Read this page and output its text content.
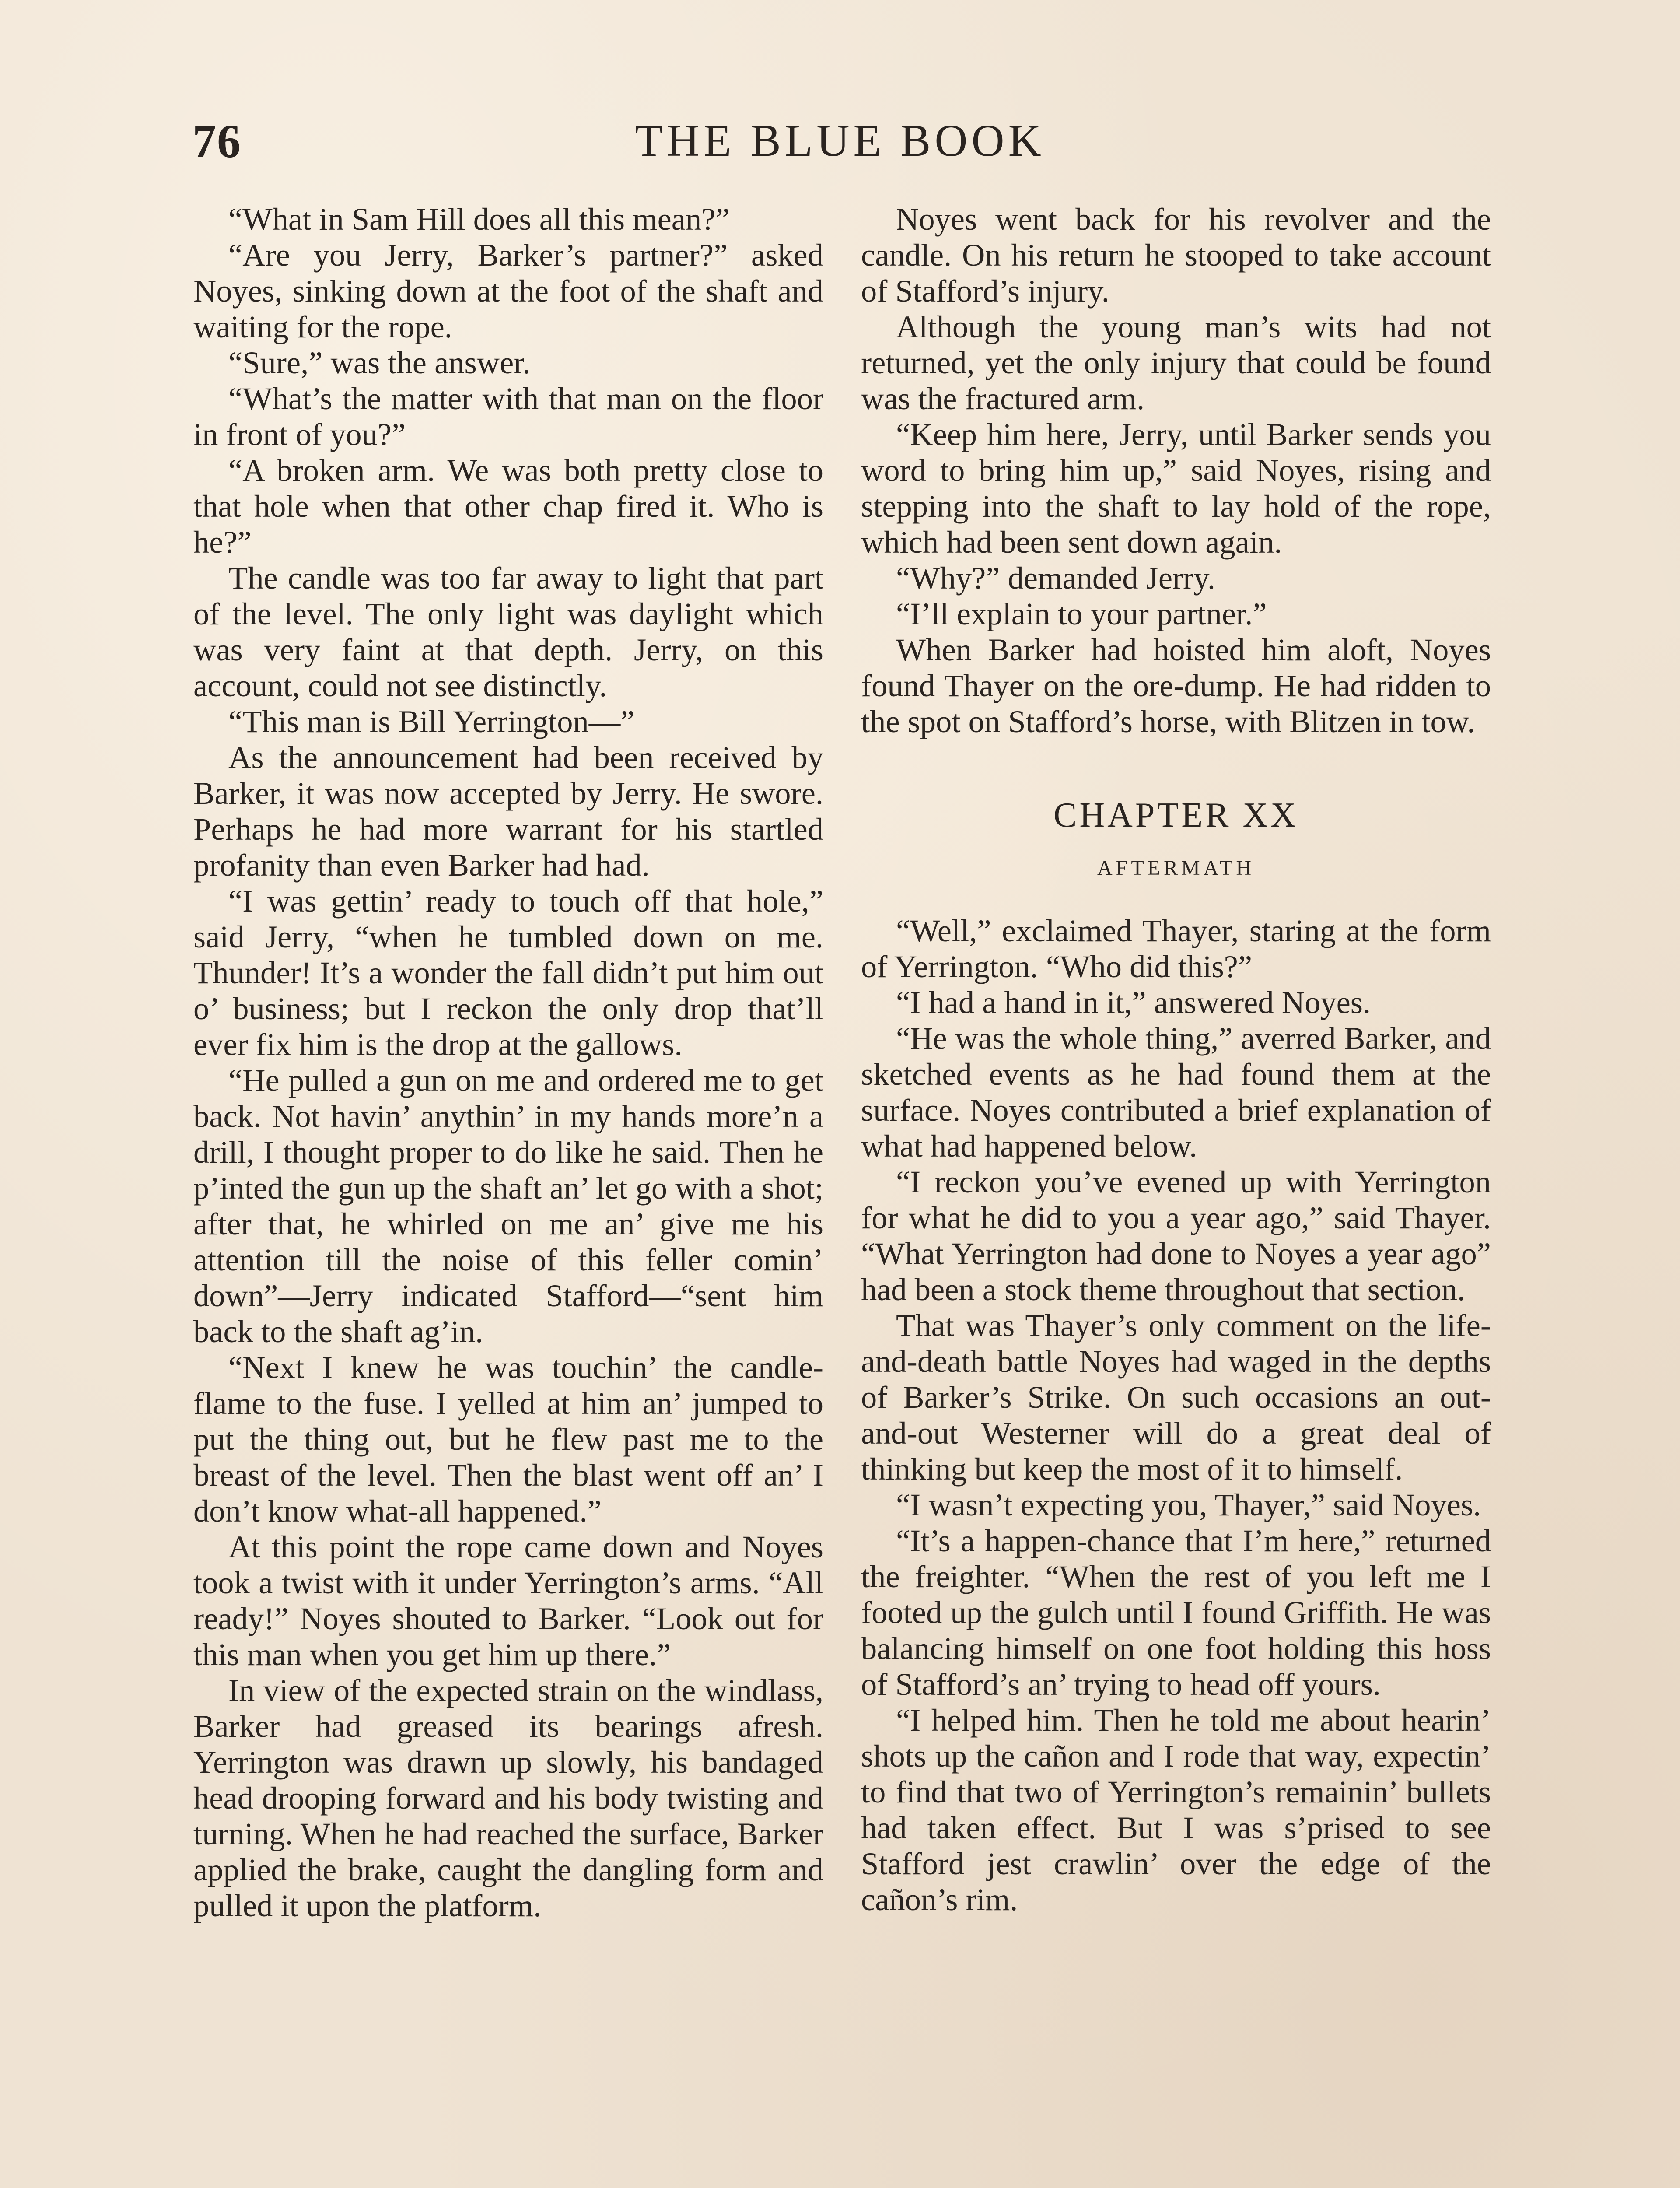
76	THE BLUE BOOK

“What in Sam Hill does all this mean?”

“Are you Jerry, Barker’s partner?” asked Noyes, sinking down at the foot of the shaft and waiting for the rope.

“Sure,” was the answer.

“What’s the matter with that man on the floor in front of you?”

“A broken arm. We was both pretty close to that hole when that other chap fired it. Who is he?”

The candle was too far away to light that part of the level. The only light was daylight which was very faint at that depth. Jerry, on this account, could not see distinctly.

“This man is Bill Yerrington—”

As the announcement had been received by Barker, it was now accepted by Jerry. He swore. Perhaps he had more warrant for his startled profanity than even Barker had had.

“I was gettin’ ready to touch off that hole,” said Jerry, “when he tumbled down on me. Thunder! It’s a wonder the fall didn’t put him out o’ business; but I reckon the only drop that’ll ever fix him is the drop at the gallows.

“He pulled a gun on me and ordered me to get back. Not havin’ anythin’ in my hands more’n a drill, I thought proper to do like he said. Then he p’inted the gun up the shaft an’ let go with a shot; after that, he whirled on me an’ give me his attention till the noise of this feller comin’ down”—Jerry indicated Stafford—“sent him back to the shaft ag’in.

“Next I knew he was touchin’ the candle-flame to the fuse. I yelled at him an’ jumped to put the thing out, but he flew past me to the breast of the level. Then the blast went off an’ I don’t know what-all happened.”

At this point the rope came down and Noyes took a twist with it under Yerrington’s arms. “All ready!” Noyes shouted to Barker. “Look out for this man when you get him up there.”

In view of the expected strain on the windlass, Barker had greased its bearings afresh. Yerrington was drawn up slowly, his bandaged head drooping forward and his body twisting and turning. When he had reached the surface, Barker applied the brake, caught the dangling form and pulled it upon the platform.

Noyes went back for his revolver and the candle. On his return he stooped to take account of Stafford’s injury.

Although the young man’s wits had not returned, yet the only injury that could be found was the fractured arm.

“Keep him here, Jerry, until Barker sends you word to bring him up,” said Noyes, rising and stepping into the shaft to lay hold of the rope, which had been sent down again.

“Why?” demanded Jerry.

“I’ll explain to your partner.”

When Barker had hoisted him aloft, Noyes found Thayer on the ore-dump. He had ridden to the spot on Stafford’s horse, with Blitzen in tow.

CHAPTER XX
AFTERMATH

“Well,” exclaimed Thayer, staring at the form of Yerrington. “Who did this?”

“I had a hand in it,” answered Noyes.

“He was the whole thing,” averred Barker, and sketched events as he had found them at the surface. Noyes contributed a brief explanation of what had happened below.

“I reckon you’ve evened up with Yerrington for what he did to you a year ago,” said Thayer. “What Yerrington had done to Noyes a year ago” had been a stock theme throughout that section.

That was Thayer’s only comment on the life-and-death battle Noyes had waged in the depths of Barker’s Strike. On such occasions an out-and-out Westerner will do a great deal of thinking but keep the most of it to himself.

“I wasn’t expecting you, Thayer,” said Noyes.

“It’s a happen-chance that I’m here,” returned the freighter. “When the rest of you left me I footed up the gulch until I found Griffith. He was balancing himself on one foot holding this hoss of Stafford’s an’ trying to head off yours.

“I helped him. Then he told me about hearin’ shots up the cañon and I rode that way, expectin’ to find that two of Yerrington’s remainin’ bullets had taken effect. But I was s’prised to see Stafford jest crawlin’ over the edge of the cañon’s rim.
